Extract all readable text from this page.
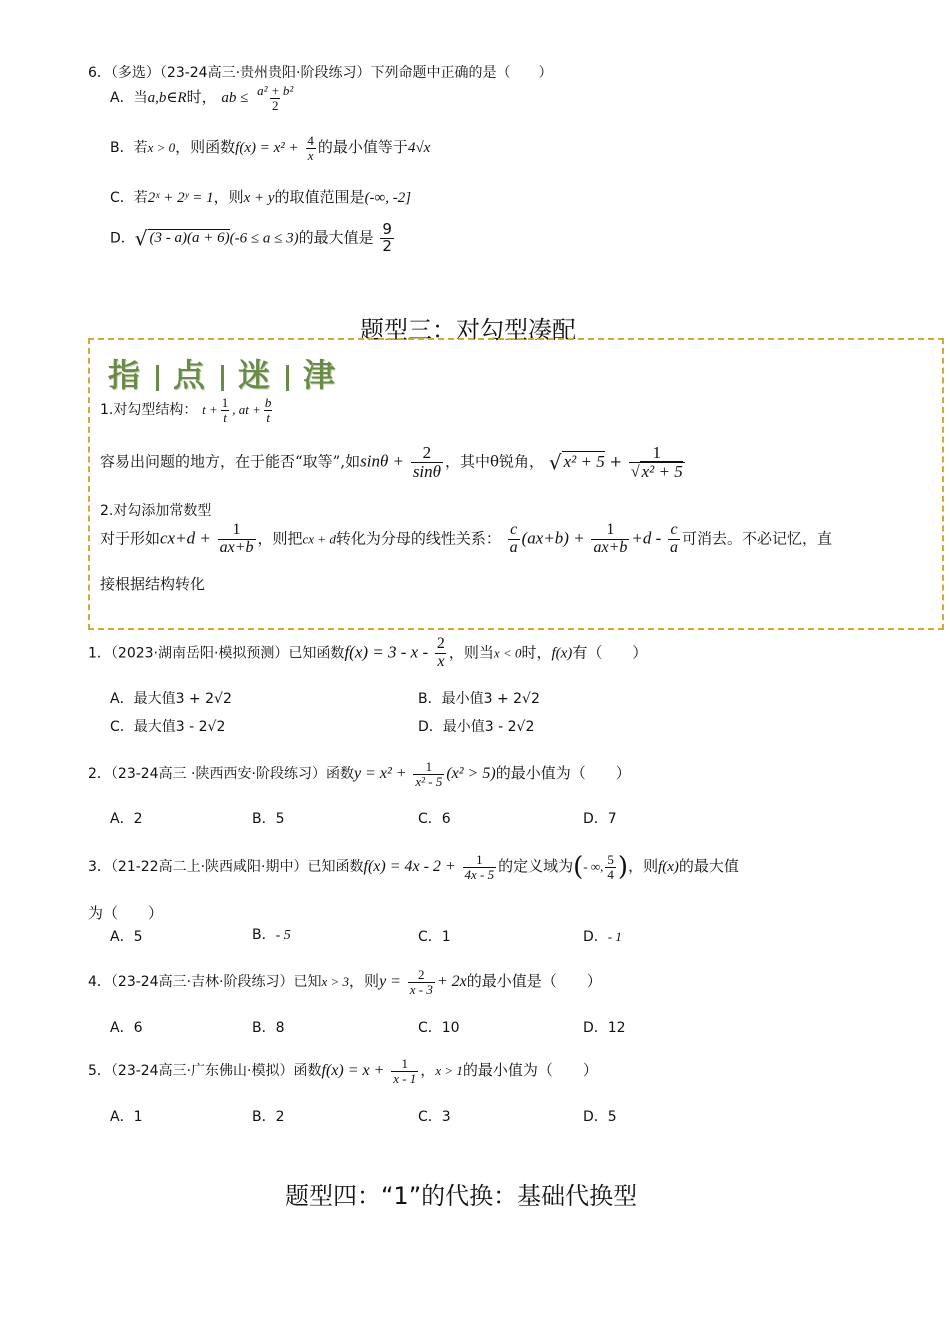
6．（多选）（23-24高三·贵州贵阳·阶段练习）下列命题中正确的是（　　）
A．当a,b∈R时， ab ≤ $\frac{\text{a² + b²}}{2}$
B．若x > 0，则函数$f(x) = x^2 + \frac{4}{x}$ 的最小值等于4√x
C．若2ˣ + 2ʸ = 1，则x + y的取值范围是(-∞, -2]
D．√ (3 - a)(a + 6)(-6 ≤ a ≤ 3)的最大值是 $\frac{9}{2}$
题型三：对勾型凑配
指 点 迷 津
1.对勾型结构： $t + \frac{1}{t}$ , at + $\frac{b}{t}$
容易出问题的地方，在于能否“取等”,如$\sin\theta + \frac{2}{\sin\theta}$ ，其中θ锐角， √ $x^2 + 5 + \frac{1}{\text{√ x² + 5}}$
2.对勾添加常数型
对于形如$cx+d + \frac{1}{ax+b}$ ，则把cx + d转化为分母的线性关系： $\frac{c}{a} (ax+b) + \frac{1}{ax+b} +d - \frac{c}{a}$ 可消去。不必记忆，直
接根据结构转化
1．（2023·湖南岳阳·模拟预测）已知函数$f(x) = 3 - x - \frac{2}{x}$ ，则当x < 0时，f(x)有（　　）
A．最大值3 + 2√2	B．最小值3 + 2√2
C．最大值3 - 2√2	D．最小值3 - 2√2
2．（23-24高三 ·陕西西安·阶段练习）函数$y = x^2 + \frac{1}{\text{x² - 5}} (x^2 > 5)$的最小值为（　　）
A．2	B．5	C．6	D．7
3．（21-22高二上·陕西咸阳·期中）已知函数$f(x) = 4x - 2 + \frac{1}{4x - 5}$ 的定义域为(- ∞, $\frac{5}{4}$ )，则f(x)的最大值
为（　　）
A．5	B．- 5	C．1	D．- 1
4．（23-24高三·吉林·阶段练习）已知x > 3，则$y = \frac{2}{x - 3} + 2x$的最小值是（　　）
A．6	B．8	C．10	D．12
5．（23-24高三·广东佛山·模拟）函数$f(x) = x + \frac{1}{x - 1}$ ，x > 1的最小值为（　　）
A．1	B．2	C．3	D．5
题型四：“1”的代换：基础代换型
